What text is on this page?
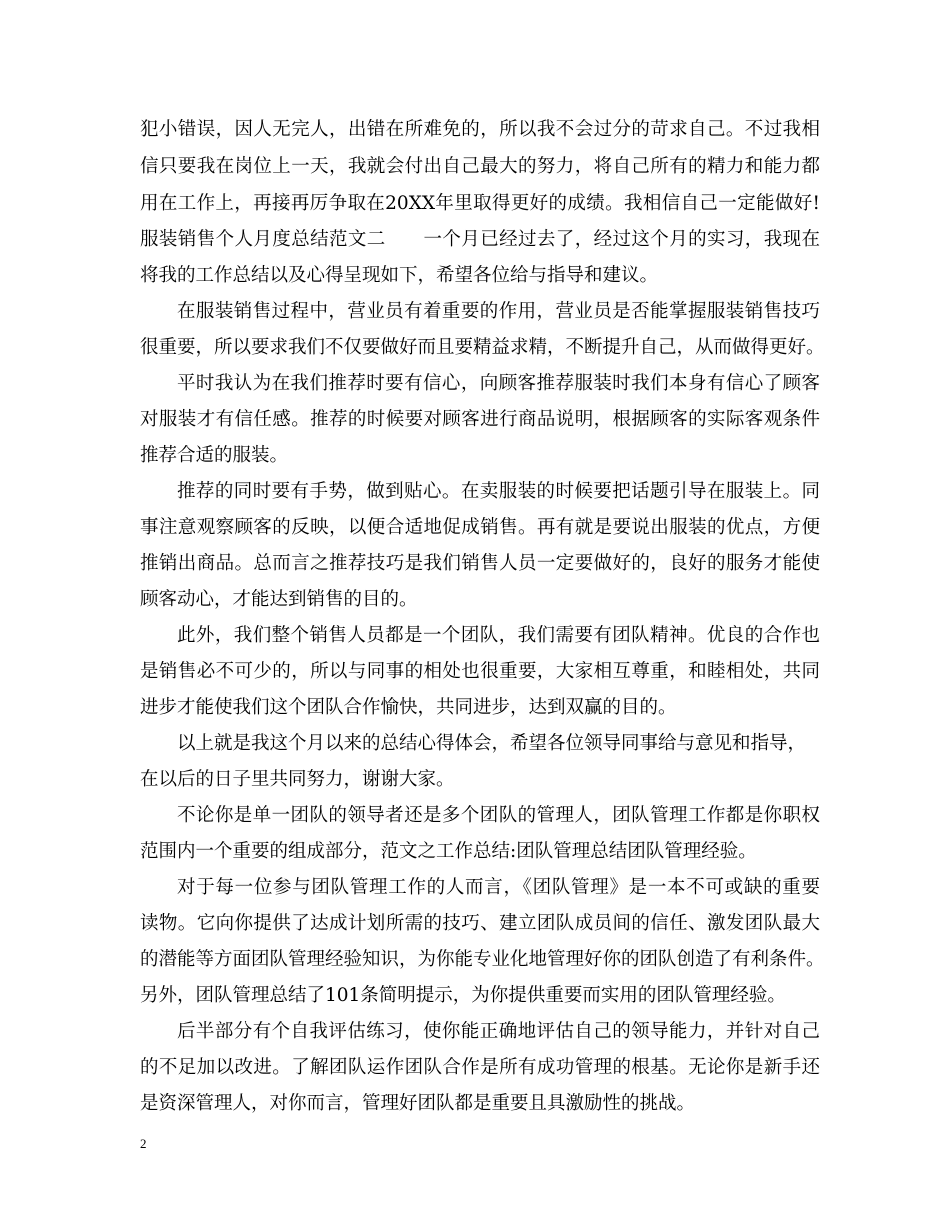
犯小错误，因人无完人，出错在所难免的，所以我不会过分的苛求自己。不过我相
信只要我在岗位上一天，我就会付出自己最大的努力，将自己所有的精力和能力都
用在工作上，再接再厉争取在20XX年里取得更好的成绩。我相信自己一定能做好!
服装销售个人月度总结范文二　　一个月已经过去了，经过这个月的实习，我现在
将我的工作总结以及心得呈现如下，希望各位给与指导和建议。
在服装销售过程中，营业员有着重要的作用，营业员是否能掌握服装销售技巧
很重要，所以要求我们不仅要做好而且要精益求精，不断提升自己，从而做得更好。
平时我认为在我们推荐时要有信心，向顾客推荐服装时我们本身有信心了顾客
对服装才有信任感。推荐的时候要对顾客进行商品说明，根据顾客的实际客观条件
推荐合适的服装。
推荐的同时要有手势，做到贴心。在卖服装的时候要把话题引导在服装上。同
事注意观察顾客的反映，以便合适地促成销售。再有就是要说出服装的优点，方便
推销出商品。总而言之推荐技巧是我们销售人员一定要做好的，良好的服务才能使
顾客动心，才能达到销售的目的。
此外，我们整个销售人员都是一个团队，我们需要有团队精神。优良的合作也
是销售必不可少的，所以与同事的相处也很重要，大家相互尊重，和睦相处，共同
进步才能使我们这个团队合作愉快，共同进步，达到双赢的目的。
以上就是我这个月以来的总结心得体会，希望各位领导同事给与意见和指导，
在以后的日子里共同努力，谢谢大家。
不论你是单一团队的领导者还是多个团队的管理人，团队管理工作都是你职权
范围内一个重要的组成部分，范文之工作总结:团队管理总结团队管理经验。
对于每一位参与团队管理工作的人而言，《团队管理》是一本不可或缺的重要
读物。它向你提供了达成计划所需的技巧、建立团队成员间的信任、激发团队最大
的潜能等方面团队管理经验知识，为你能专业化地管理好你的团队创造了有利条件。
另外，团队管理总结了101条简明提示，为你提供重要而实用的团队管理经验。
后半部分有个自我评估练习，使你能正确地评估自己的领导能力，并针对自己
的不足加以改进。了解团队运作团队合作是所有成功管理的根基。无论你是新手还
是资深管理人，对你而言，管理好团队都是重要且具激励性的挑战。
2
